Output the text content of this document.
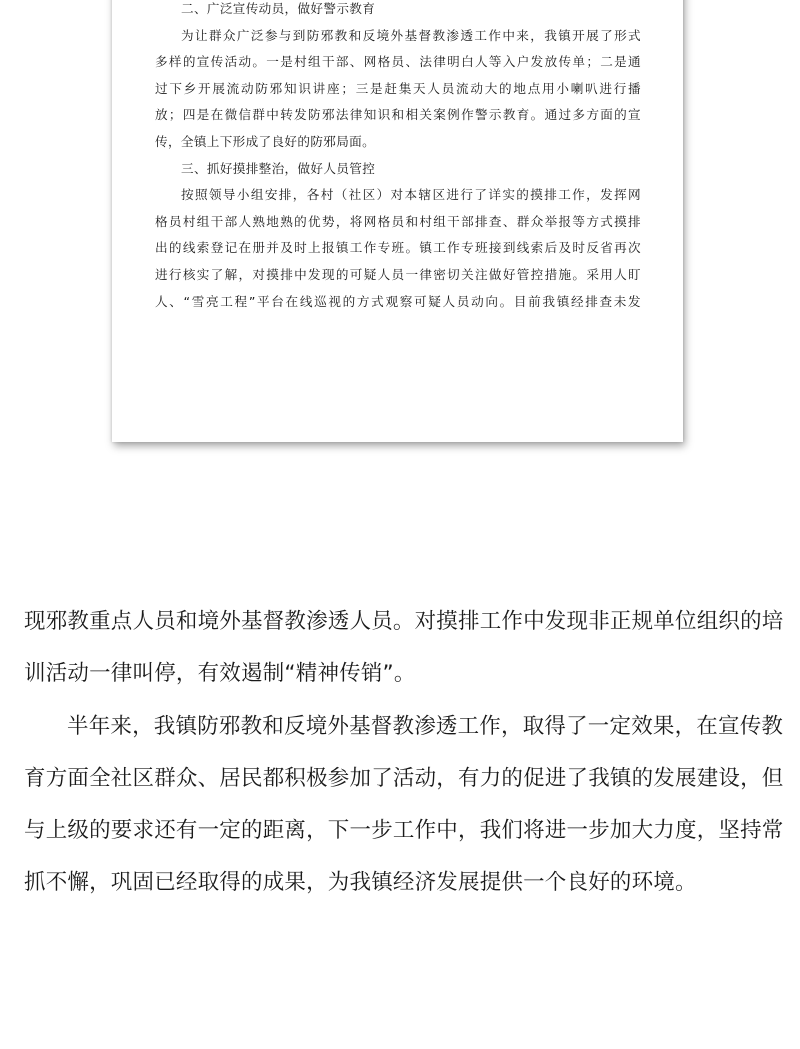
二、广泛宣传动员，做好警示教育
为让群众广泛参与到防邪教和反境外基督教渗透工作中来，我镇开展了形式
多样的宣传活动。一是村组干部、网格员、法律明白人等入户发放传单；二是通
过下乡开展流动防邪知识讲座；三是赶集天人员流动大的地点用小喇叭进行播
放；四是在微信群中转发防邪法律知识和相关案例作警示教育。通过多方面的宣
传，全镇上下形成了良好的防邪局面。
三、抓好摸排整治，做好人员管控
按照领导小组安排，各村（社区）对本辖区进行了详实的摸排工作，发挥网
格员村组干部人熟地熟的优势，将网格员和村组干部排查、群众举报等方式摸排
出的线索登记在册并及时上报镇工作专班。镇工作专班接到线索后及时反省再次
进行核实了解，对摸排中发现的可疑人员一律密切关注做好管控措施。采用人盯
人、“雪亮工程”平台在线巡视的方式观察可疑人员动向。目前我镇经排查未发
现邪教重点人员和境外基督教渗透人员。对摸排工作中发现非正规单位组织的培
训活动一律叫停，有效遏制“精神传销”。
半年来，我镇防邪教和反境外基督教渗透工作，取得了一定效果，在宣传教
育方面全社区群众、居民都积极参加了活动，有力的促进了我镇的发展建设，但
与上级的要求还有一定的距离，下一步工作中，我们将进一步加大力度，坚持常
抓不懈，巩固已经取得的成果，为我镇经济发展提供一个良好的环境。
